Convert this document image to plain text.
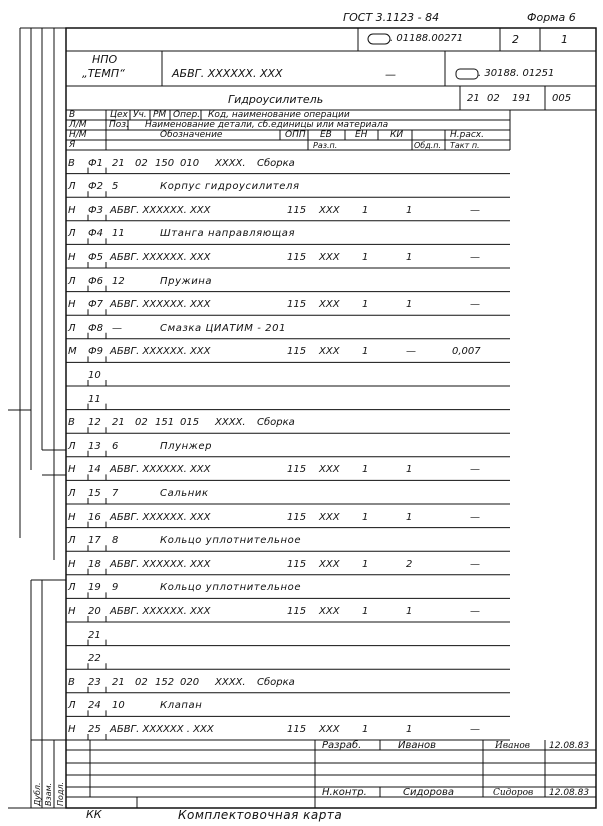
ГОСТ 3.1123 - 84	Форма 6
. 01188.00271	2	1
НПО
„ТЕМП“	АБВГ. XXXXXX. XXX	—	. 30188. 01251
Гидроусилитель	21 02 191 005
В	Цех Уч. РМ Опер. Код, наименование операции
Л/М Поз. Наименование детали, сб.единицы или материала
Н/М	Обозначение	ОПП ЕВ	ЕН	КИ	Н.расх.
Я	Раз.п.	Обд.п. Такт п.
В Ф1 21 02 150 010 XXXX. Сборка
Л Ф2 5	Корпус гидроусилителя
Н Ф3 АБВГ. XXXXXX. XXX	115 XXX 1	1	—
Л Ф4 11	Штанга направляющая
Н Ф5 АБВГ. XXXXXX. XXX	115 XXX 1	1	—
Л Ф6 12	Пружина
Н Ф7 АБВГ. XXXXXX. XXX	115 XXX 1	1	—
Л Ф8 —	Смазка ЦИАТИМ - 201
М Ф9 АБВГ. XXXXXX. XXX	115 XXX 1	—	0,007
10
11
В 12 21 02 151 015 XXXX. Сборка
Л 13 6	Плунжер
Н 14 АБВГ. XXXXXX. XXX	115 XXX 1	1	—
Л 15 7	Сальник
Н 16 АБВГ. XXXXXX. XXX	115 XXX 1	1	—
Л 17 8	Кольцо уплотнительное
Н 18 АБВГ. XXXXXX. XXX	115 XXX 1	2	—
Л 19 9	Кольцо уплотнительное
Н 20 АБВГ. XXXXXX. XXX	115 XXX 1	1	—
21
22
В 23 21 02 152 020 XXXX. Сборка
Л 24 10	Клапан
Н 25 АБВГ. XXXXXX . XXX	115 XXX 1	1	—
Разраб.	Иванов	Иванов 12.08.83
Н.контр.	Сидорова	Сидоров 12.08.83
Дубл. Взам. Подл.
КК	Комплектовочная карта
